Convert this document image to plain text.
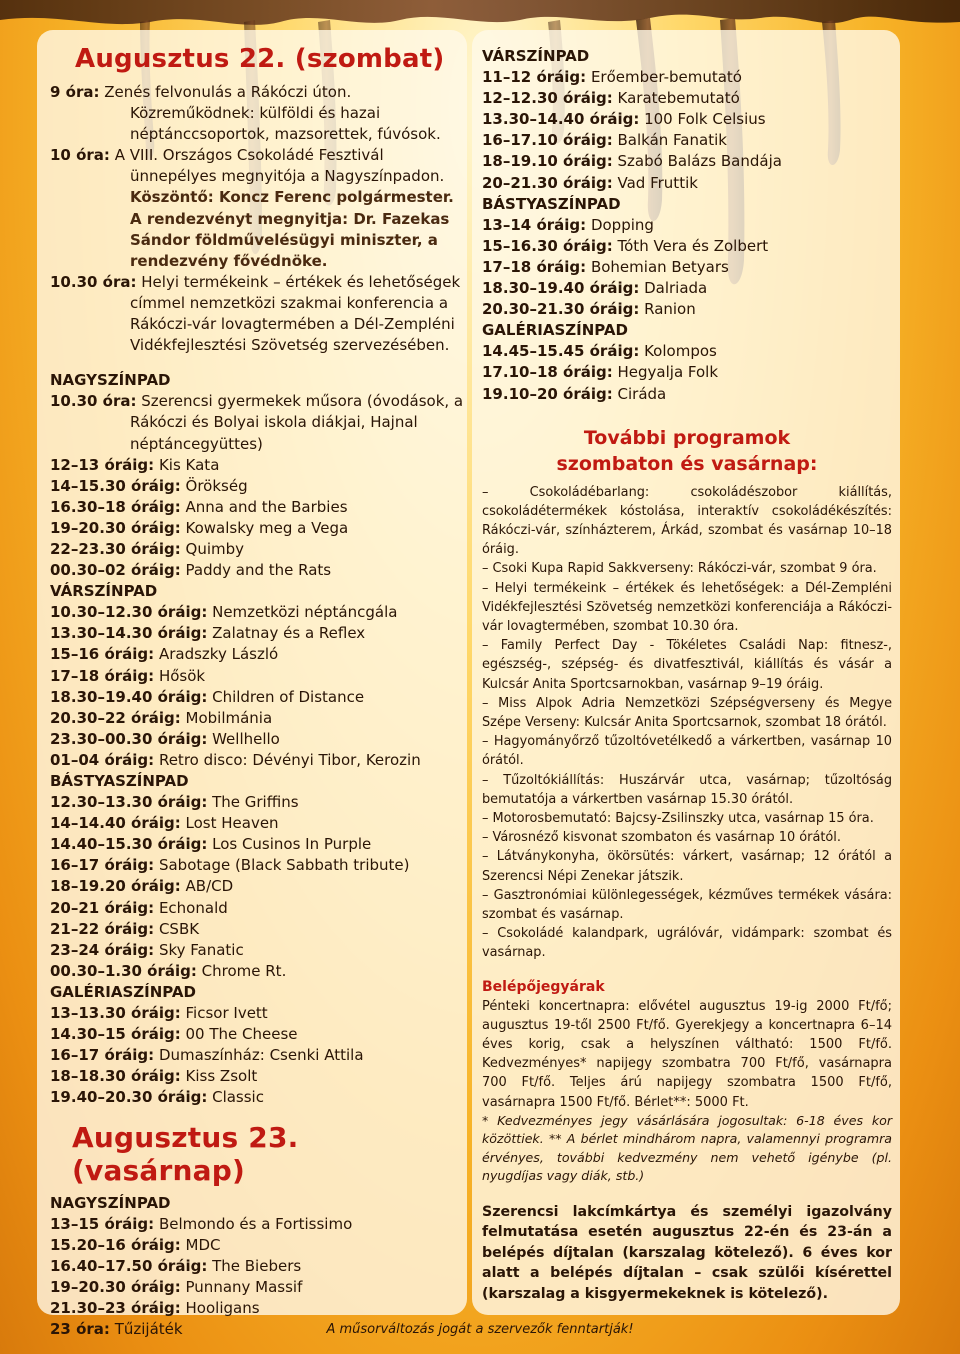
Augusztus 22. (szombat)
9 óra: Zenés felvonulás a Rákóczi úton. Közreműködnek: külföldi és hazai néptánccsoportok, mazsorettek, fúvósok.
10 óra: A VIII. Országos Csokoládé Fesztivál ünnepélyes megnyitója a Nagyszínpadon. Köszöntő: Koncz Ferenc polgármester. A rendezvényt megnyitja: Dr. Fazekas Sándor földművelésügyi miniszter, a rendezvény fővédnöke.
10.30 óra: Helyi termékeink – értékek és lehetőségek címmel nemzetközi szakmai konferencia a Rákóczi-vár lovagtermében a Dél-Zempléni Vidékfejlesztési Szövetség szervezésében.
NAGYSZÍNPAD
10.30 óra: Szerencsi gyermekek műsora (óvodások, a Rákóczi és Bolyai iskola diákjai, Hajnal néptáncegyüttes)
12–13 óráig: Kis Kata
14–15.30 óráig: Örökség
16.30–18 óráig: Anna and the Barbies
19–20.30 óráig: Kowalsky meg a Vega
22–23.30 óráig: Quimby
00.30–02 óráig: Paddy and the Rats
VÁRSZÍNPAD
10.30–12.30 óráig: Nemzetközi néptáncgála
13.30–14.30 óráig: Zalatnay és a Reflex
15–16 óráig: Aradszky László
17–18 óráig: Hősök
18.30–19.40 óráig: Children of Distance
20.30–22 óráig: Mobilmánia
23.30–00.30 óráig: Wellhello
01–04 óráig: Retro disco: Dévényi Tibor, Kerozin
BÁSTYASZÍNPAD
12.30–13.30 óráig: The Griffins
14–14.40 óráig: Lost Heaven
14.40–15.30 óráig: Los Cusinos In Purple
16–17 óráig: Sabotage (Black Sabbath tribute)
18–19.20 óráig: AB/CD
20–21 óráig: Echonald
21–22 óráig: CSBK
23–24 óráig: Sky Fanatic
00.30–1.30 óráig: Chrome Rt.
GALÉRIASZÍNPAD
13–13.30 óráig: Ficsor Ivett
14.30–15 óráig: 00 The Cheese
16–17 óráig: Dumaszínház: Csenki Attila
18–18.30 óráig: Kiss Zsolt
19.40–20.30 óráig: Classic
Augusztus 23. (vasárnap)
NAGYSZÍNPAD
13–15 óráig: Belmondo és a Fortissimo
15.20–16 óráig: MDC
16.40–17.50 óráig: The Biebers
19–20.30 óráig: Punnany Massif
21.30–23 óráig: Hooligans
23 óra: Tűzijáték
VÁRSZÍNPAD
11–12 óráig: Erőember-bemutató
12–12.30 óráig: Karatebemutató
13.30–14.40 óráig: 100 Folk Celsius
16–17.10 óráig: Balkán Fanatik
18–19.10 óráig: Szabó Balázs Bandája
20–21.30 óráig: Vad Fruttik
BÁSTYASZÍNPAD
13–14 óráig: Dopping
15–16.30 óráig: Tóth Vera és Zolbert
17–18 óráig: Bohemian Betyars
18.30–19.40 óráig: Dalriada
20.30–21.30 óráig: Ranion
GALÉRIASZÍNPAD
14.45–15.45 óráig: Kolompos
17.10–18 óráig: Hegyalja Folk
19.10–20 óráig: Cirádа
További programok
szombaton és vasárnap:
– Csokoládébarlang: csokoládészobor kiállítás, csokoládétermékek kóstolása, interaktív csokoládékészítés: Rákóczi-vár, színházterem, Árkád, szombat és vasárnap 10–18 óráig.
– Csoki Kupa Rapid Sakkverseny: Rákóczi-vár, szombat 9 óra.
– Helyi termékeink – értékek és lehetőségek: a Dél-Zempléni Vidékfejlesztési Szövetség nemzetközi konferenciája a Rákóczi-vár lovagtermében, szombat 10.30 óra.
– Family Perfect Day - Tökéletes Családi Nap: fitnesz-, egészség-, szépség- és divatfesztivál, kiállítás és vásár a Kulcsár Anita Sportcsarnokban, vasárnap 9–19 óráig.
– Miss Alpok Adria Nemzetközi Szépségverseny és Megye Szépe Verseny: Kulcsár Anita Sportcsarnok, szombat 18 órától.
– Hagyományőrző tűzoltóvetélkedő a várkertben, vasárnap 10 órától.
– Tűzoltókiállítás: Huszárvár utca, vasárnap; tűzoltóság bemutatója a várkertben vasárnap 15.30 órától.
– Motorosbemutató: Bajcsy-Zsilinszky utca, vasárnap 15 óra.
– Városnéző kisvonat szombaton és vasárnap 10 órától.
– Látványkonyha, ökörsütés: várkert, vasárnap; 12 órától a Szerencsi Népi Zenekar játszik.
– Gasztronómiai különlegességek, kézműves termékek vására: szombat és vasárnap.
– Csokoládé kalandpark, ugrálóvár, vidámpark: szombat és vasárnap.
Belépőjegyárak
Pénteki koncertnapra: elővétel augusztus 19-ig 2000 Ft/fő; augusztus 19-től 2500 Ft/fő. Gyerekjegy a koncertnapra 6–14 éves korig, csak a helyszínen váltható: 1500 Ft/fő. Kedvezményes* napijegy szombatra 700 Ft/fő, vasárnapra 700 Ft/fő. Teljes árú napijegy szombatra 1500 Ft/fő, vasárnapra 1500 Ft/fő. Bérlet**: 5000 Ft.
* Kedvezményes jegy vásárlására jogosultak: 6-18 éves kor közöttiek. ** A bérlet mindhárom napra, valamennyi programra érvényes, további kedvezmény nem vehető igénybe (pl. nyugdíjas vagy diák, stb.)
Szerencsi lakcímkártya és személyi igazolvány felmutatása esetén augusztus 22-én és 23-án a belépés díjtalan (karszalag kötelező). 6 éves kor alatt a belépés díjtalan – csak szülői kísérettel (karszalag a kisgyermekeknek is kötelező).
A műsorváltozás jogát a szervezők fenntartják!
